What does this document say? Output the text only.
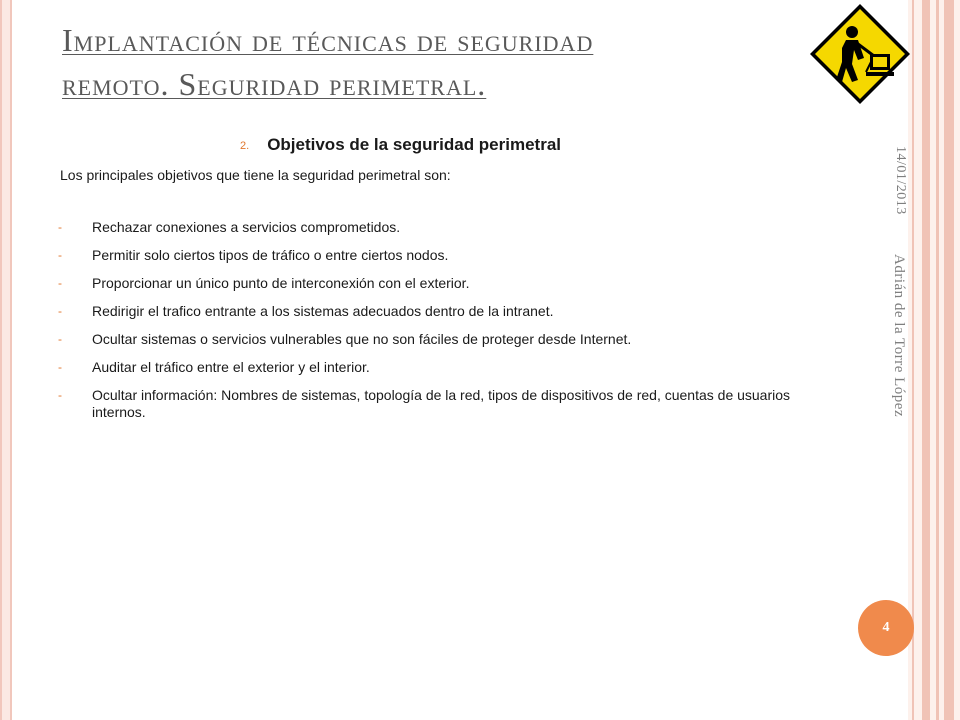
Implantación de técnicas de seguridad
remoto. Seguridad perimetral.
2. Objetivos de la seguridad perimetral
Los principales objetivos que tiene la seguridad perimetral son:
- Rechazar conexiones a servicios comprometidos.
- Permitir solo ciertos tipos de tráfico o entre ciertos nodos.
- Proporcionar un único punto de interconexión con el exterior.
- Redirigir el trafico entrante a los sistemas adecuados dentro de la intranet.
- Ocultar sistemas o servicios vulnerables que no son fáciles de proteger desde Internet.
- Auditar el tráfico entre el exterior y el interior.
- Ocultar información: Nombres de sistemas, topología de la red, tipos de dispositivos de red, cuentas de usuarios internos.
14/01/2013
Adrián de la Torre López
4
